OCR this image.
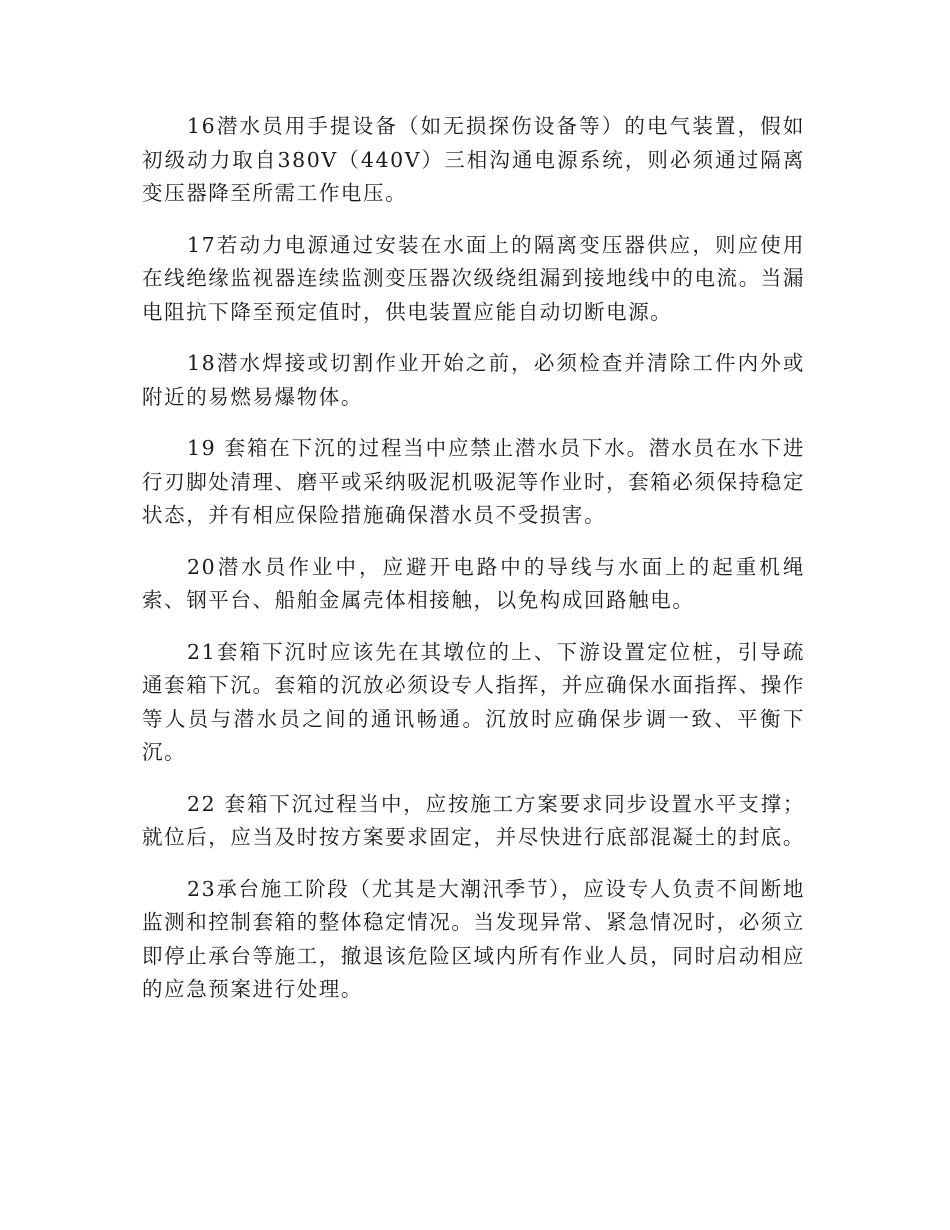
16潜水员用手提设备（如无损探伤设备等）的电气装置，假如初级动力取自380V（440V）三相沟通电源系统，则必须通过隔离变压器降至所需工作电压。

17若动力电源通过安装在水面上的隔离变压器供应，则应使用在线绝缘监视器连续监测变压器次级绕组漏到接地线中的电流。当漏电阻抗下降至预定值时，供电装置应能自动切断电源。

18潜水焊接或切割作业开始之前，必须检查并清除工件内外或附近的易燃易爆物体。

19 套箱在下沉的过程当中应禁止潜水员下水。潜水员在水下进行刃脚处清理、磨平或采纳吸泥机吸泥等作业时，套箱必须保持稳定状态，并有相应保险措施确保潜水员不受损害。

20潜水员作业中，应避开电路中的导线与水面上的起重机绳索、钢平台、船舶金属壳体相接触，以免构成回路触电。

21套箱下沉时应该先在其墩位的上、下游设置定位桩，引导疏通套箱下沉。套箱的沉放必须设专人指挥，并应确保水面指挥、操作等人员与潜水员之间的通讯畅通。沉放时应确保步调一致、平衡下沉。

22 套箱下沉过程当中，应按施工方案要求同步设置水平支撑；就位后，应当及时按方案要求固定，并尽快进行底部混凝土的封底。

23承台施工阶段（尤其是大潮汛季节），应设专人负责不间断地监测和控制套箱的整体稳定情况。当发现异常、紧急情况时，必须立即停止承台等施工，撤退该危险区域内所有作业人员，同时启动相应的应急预案进行处理。
